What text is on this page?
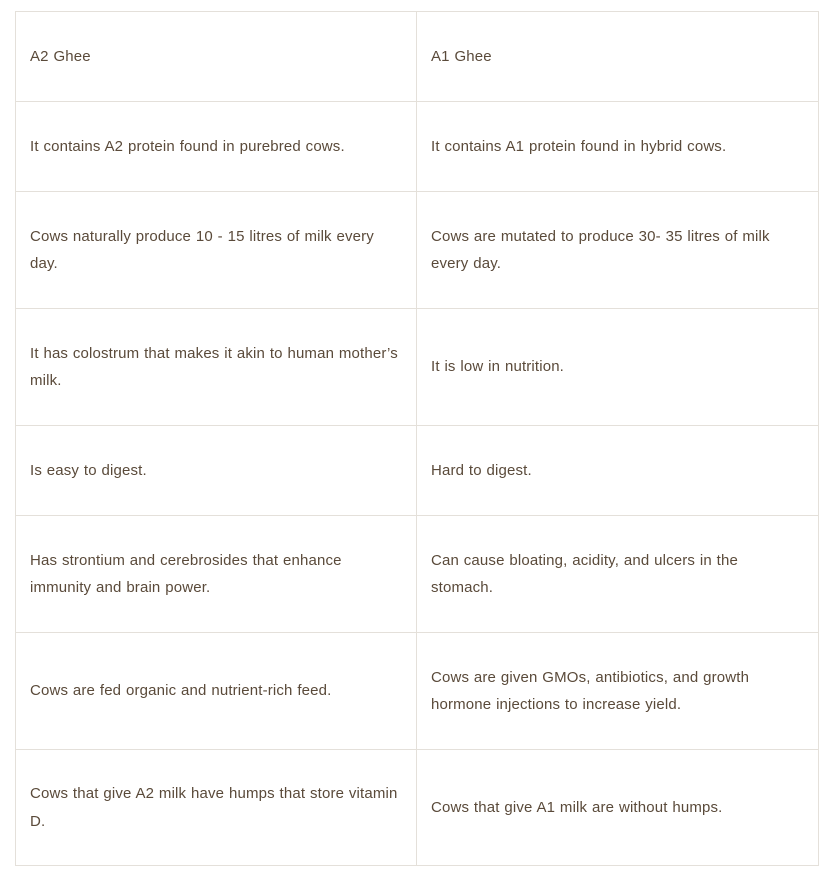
A2 Ghee	A1 Ghee
It contains A2 protein found in purebred cows.	It contains A1 protein found in hybrid cows.
Cows naturally produce 10 - 15 litres of milk every day.	Cows are mutated to produce 30- 35 litres of milk every day.
It has colostrum that makes it akin to human mother’s milk.	It is low in nutrition.
Is easy to digest.	Hard to digest.
Has strontium and cerebrosides that enhance immunity and brain power.	Can cause bloating, acidity, and ulcers in the stomach.
Cows are fed organic and nutrient-rich feed.	Cows are given GMOs, antibiotics, and growth hormone injections to increase yield.
Cows that give A2 milk have humps that store vitamin D.	Cows that give A1 milk are without humps.
